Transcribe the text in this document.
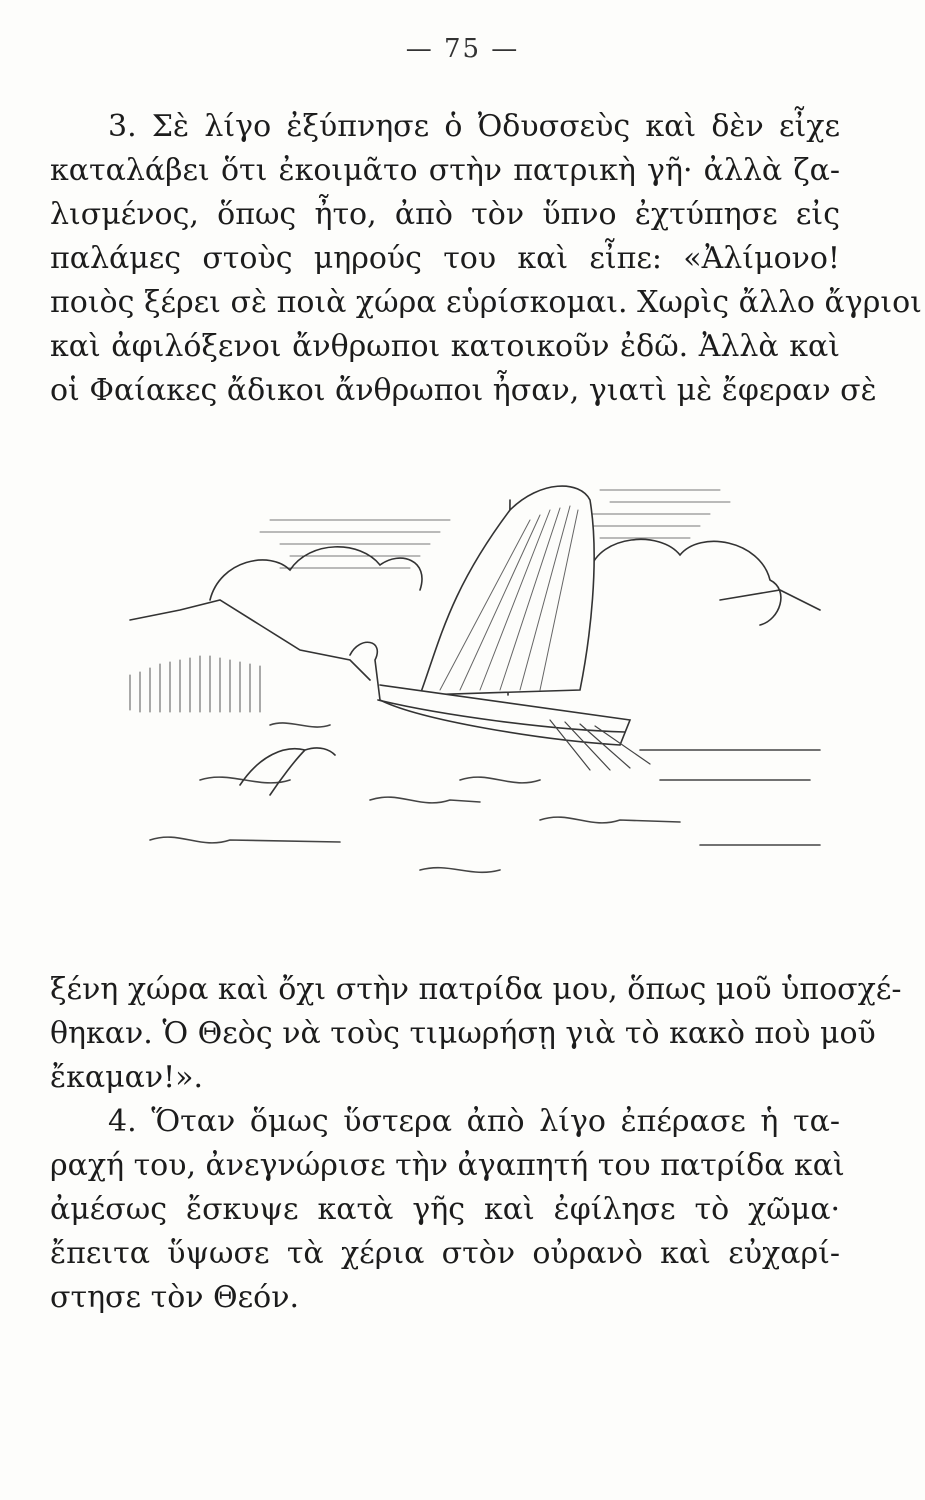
— 75 —

3. Σὲ λίγο ἐξύπνησε ὁ Ὀδυσσεὺς καὶ δὲν εἶχε
καταλάβει ὅτι ἐκοιμᾶτο στὴν πατρικὴ γῆ· ἀλλὰ ζα-
λισμένος, ὅπως ἦτο, ἀπὸ τὸν ὕπνο ἐχτύπησε εἰς
παλάμες στοὺς μηρούς του καὶ εἶπε: «Ἀλίμονο!
ποιὸς ξέρει σὲ ποιὰ χώρα εὑρίσκομαι. Χωρὶς ἄλλο ἄγριοι
καὶ ἀφιλόξενοι ἄνθρωποι κατοικοῦν ἐδῶ. Ἀλλὰ καὶ
οἱ Φαίακες ἄδικοι ἄνθρωποι ἦσαν, γιατὶ μὲ ἔφεραν σὲ

ξένη χώρα καὶ ὄχι στὴν πατρίδα μου, ὅπως μοῦ ὑποσχέ-
θηκαν. Ὁ Θεὸς νὰ τοὺς τιμωρήσῃ γιὰ τὸ κακὸ ποὺ μοῦ
ἔκαμαν!».

4. Ὅταν ὅμως ὕστερα ἀπὸ λίγο ἐπέρασε ἡ τα-
ραχή του, ἀνεγνώρισε τὴν ἀγαπητή του πατρίδα καὶ
ἀμέσως ἔσκυψε κατὰ γῆς καὶ ἐφίλησε τὸ χῶμα·
ἔπειτα ὕψωσε τὰ χέρια στὸν οὐρανὸ καὶ εὐχαρί-
στησε τὸν Θεόν.
